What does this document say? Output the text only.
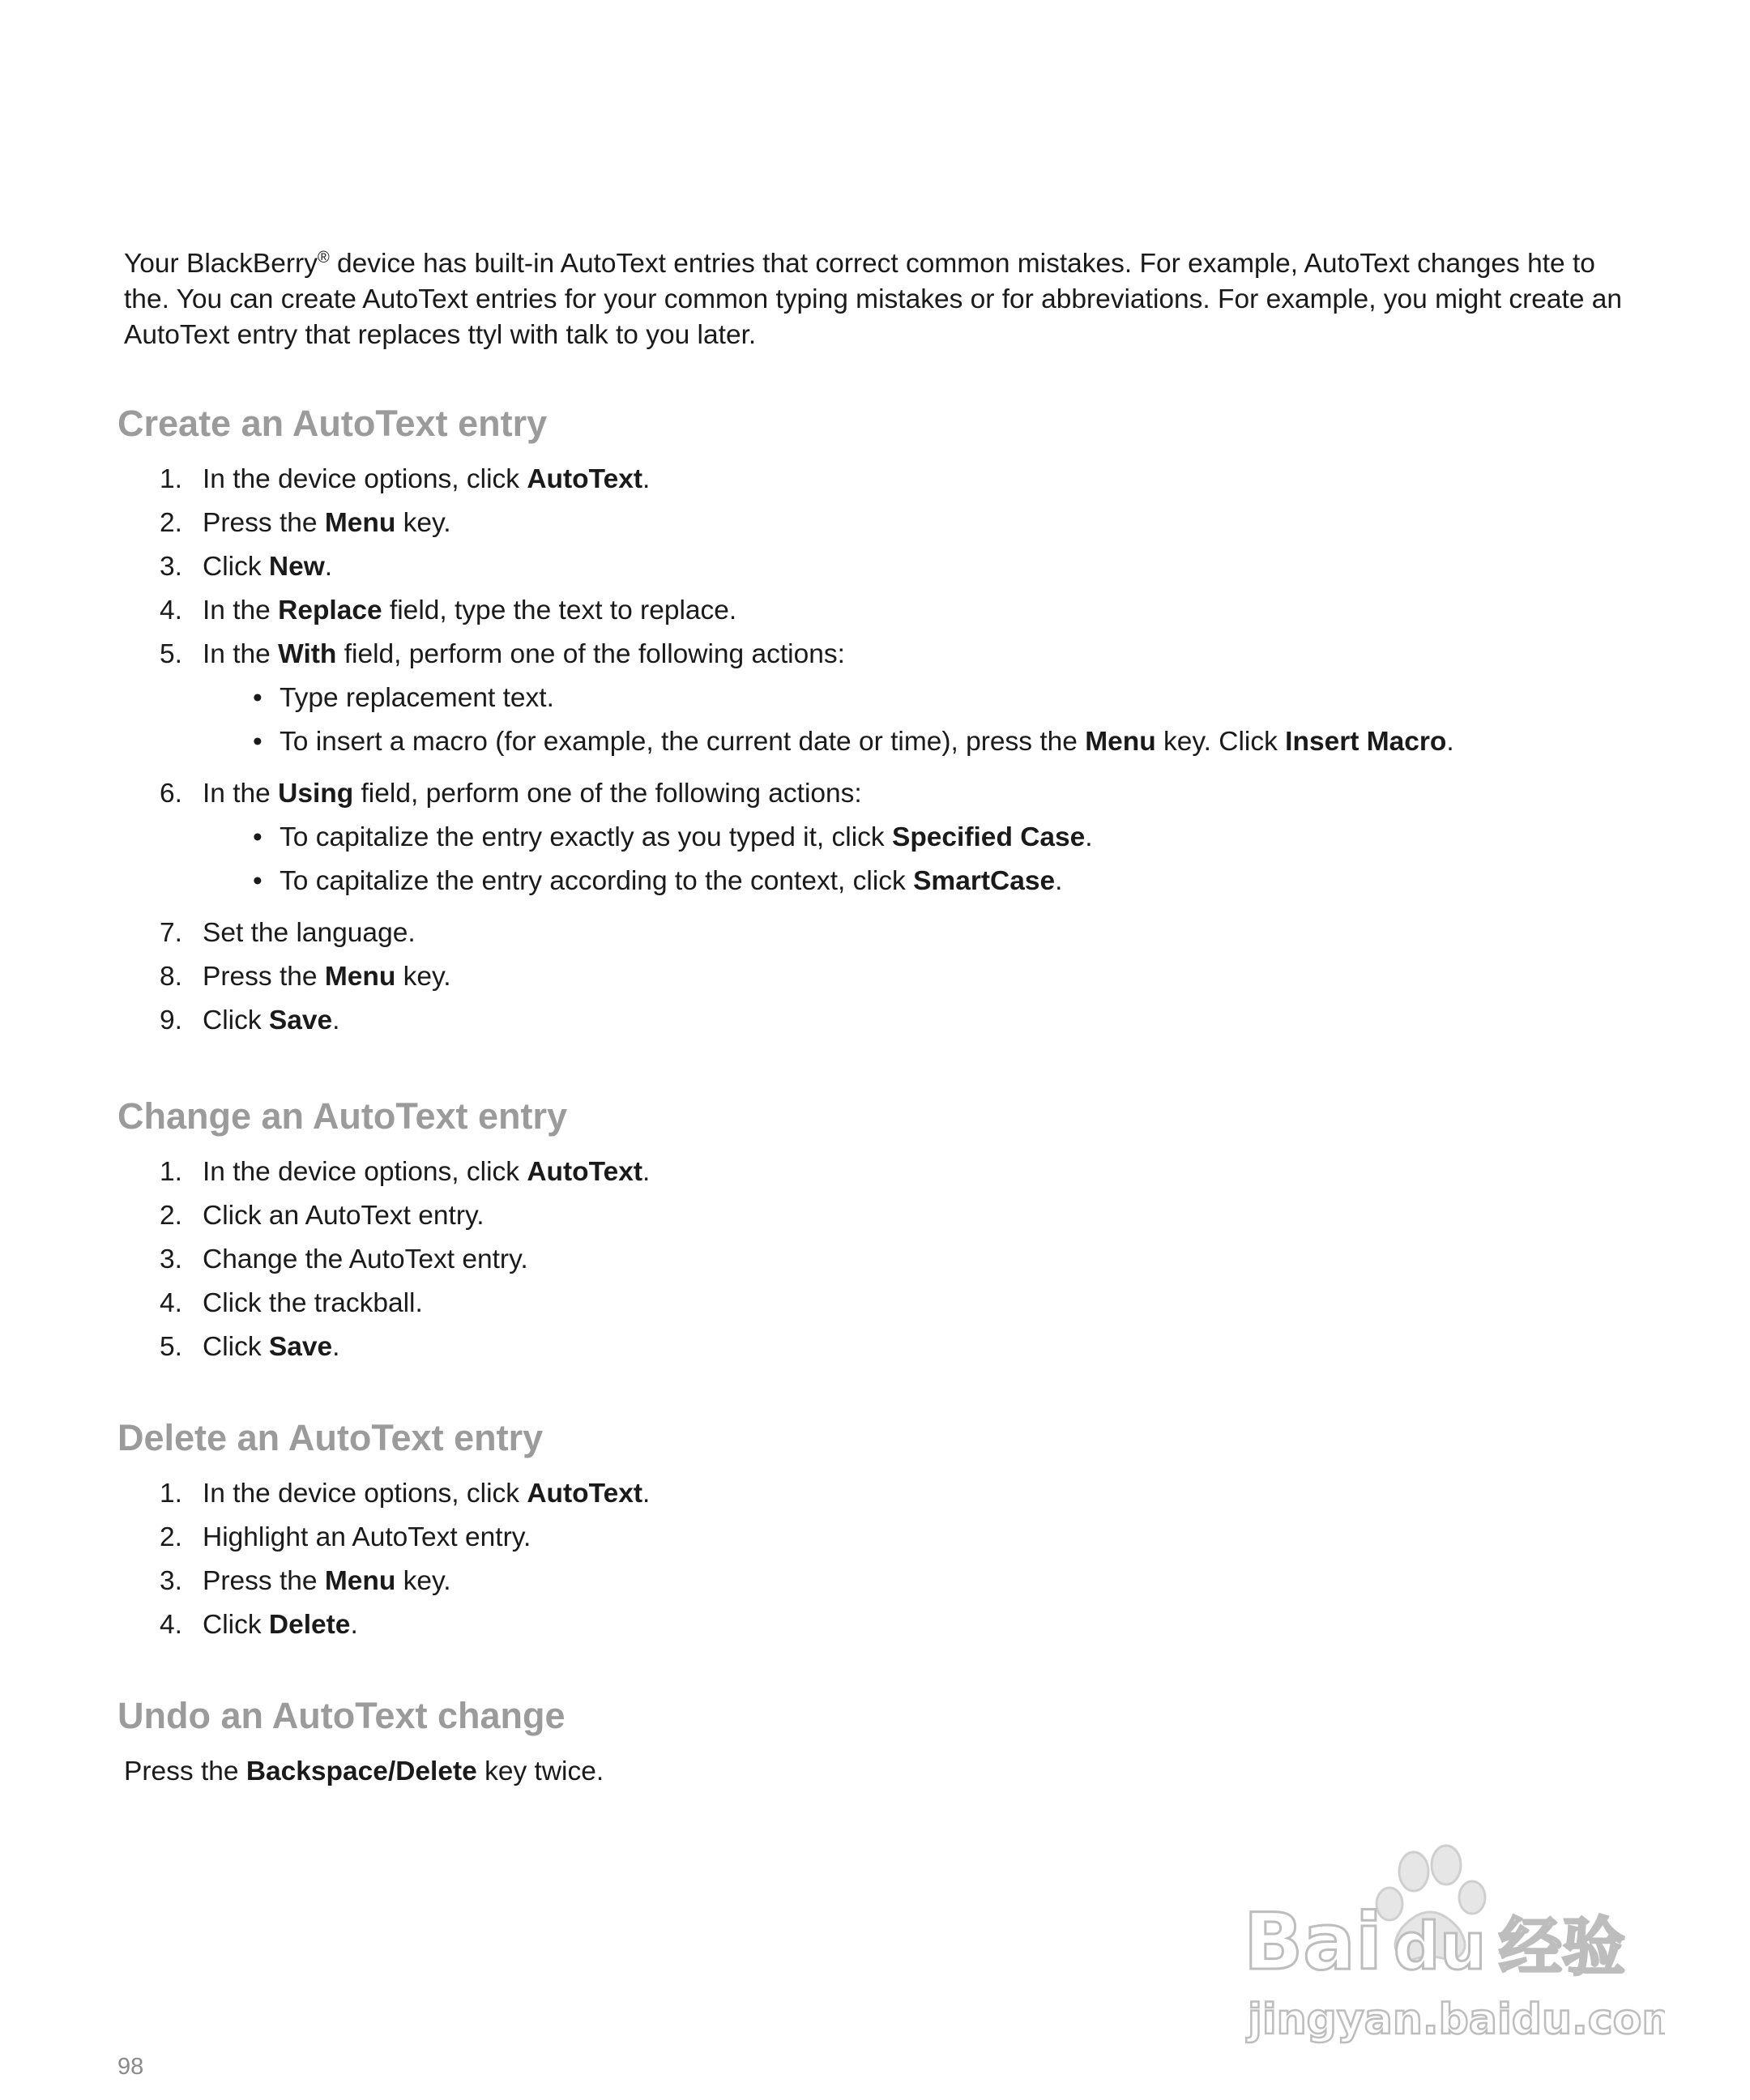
Your BlackBerry® device has built-in AutoText entries that correct common mistakes. For example, AutoText changes hte to the. You can create AutoText entries for your common typing mistakes or for abbreviations. For example, you might create an AutoText entry that replaces ttyl with talk to you later.

Create an AutoText entry
1. In the device options, click AutoText.
2. Press the Menu key.
3. Click New.
4. In the Replace field, type the text to replace.
5. In the With field, perform one of the following actions:
• Type replacement text.
• To insert a macro (for example, the current date or time), press the Menu key. Click Insert Macro.
6. In the Using field, perform one of the following actions:
• To capitalize the entry exactly as you typed it, click Specified Case.
• To capitalize the entry according to the context, click SmartCase.
7. Set the language.
8. Press the Menu key.
9. Click Save.
Change an AutoText entry
1. In the device options, click AutoText.
2. Click an AutoText entry.
3. Change the AutoText entry.
4. Click the trackball.
5. Click Save.
Delete an AutoText entry
1. In the device options, click AutoText.
2. Highlight an AutoText entry.
3. Press the Menu key.
4. Click Delete.
Undo an AutoText change

Press the Backspace/Delete key twice.

Bai du 经验
jingyan.baidu.com
98
